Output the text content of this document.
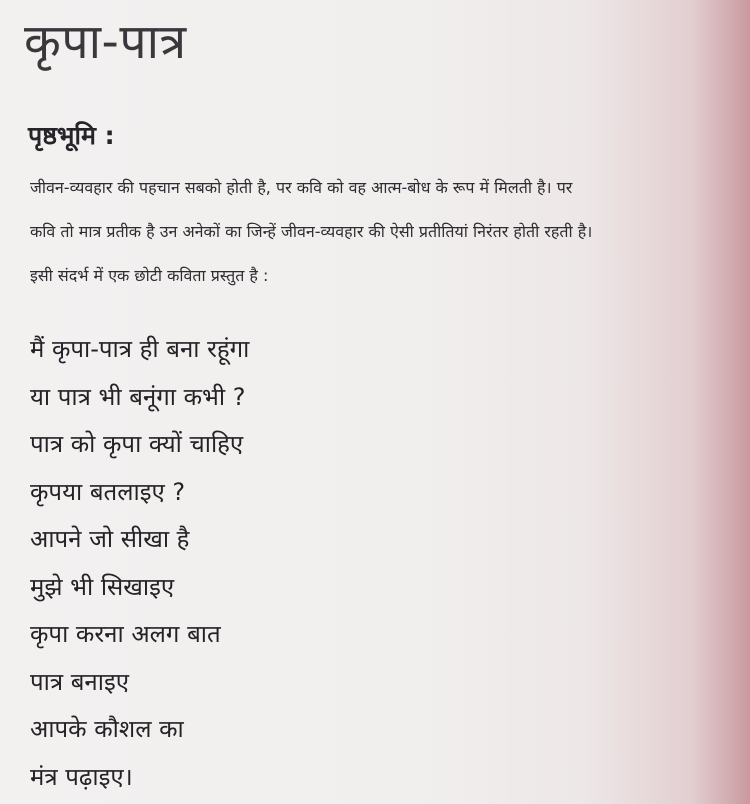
कृपा-पात्र
पृष्ठभूमि :
जीवन-व्यवहार की पहचान सबको होती है, पर कवि को वह आत्म-बोध के रूप में मिलती है। पर
कवि तो मात्र प्रतीक है उन अनेकों का जिन्हें जीवन-व्यवहार की ऐसी प्रतीतियां निरंतर होती रहती है।
इसी संदर्भ में एक छोटी कविता प्रस्तुत है :
मैं कृपा-पात्र ही बना रहूंगा
या पात्र भी बनूंगा कभी ?
पात्र को कृपा क्यों चाहिए
कृपया बतलाइए ?
आपने जो सीखा है
मुझे भी सिखाइए
कृपा करना अलग बात
पात्र बनाइए
आपके कौशल का
मंत्र पढ़ाइए।
